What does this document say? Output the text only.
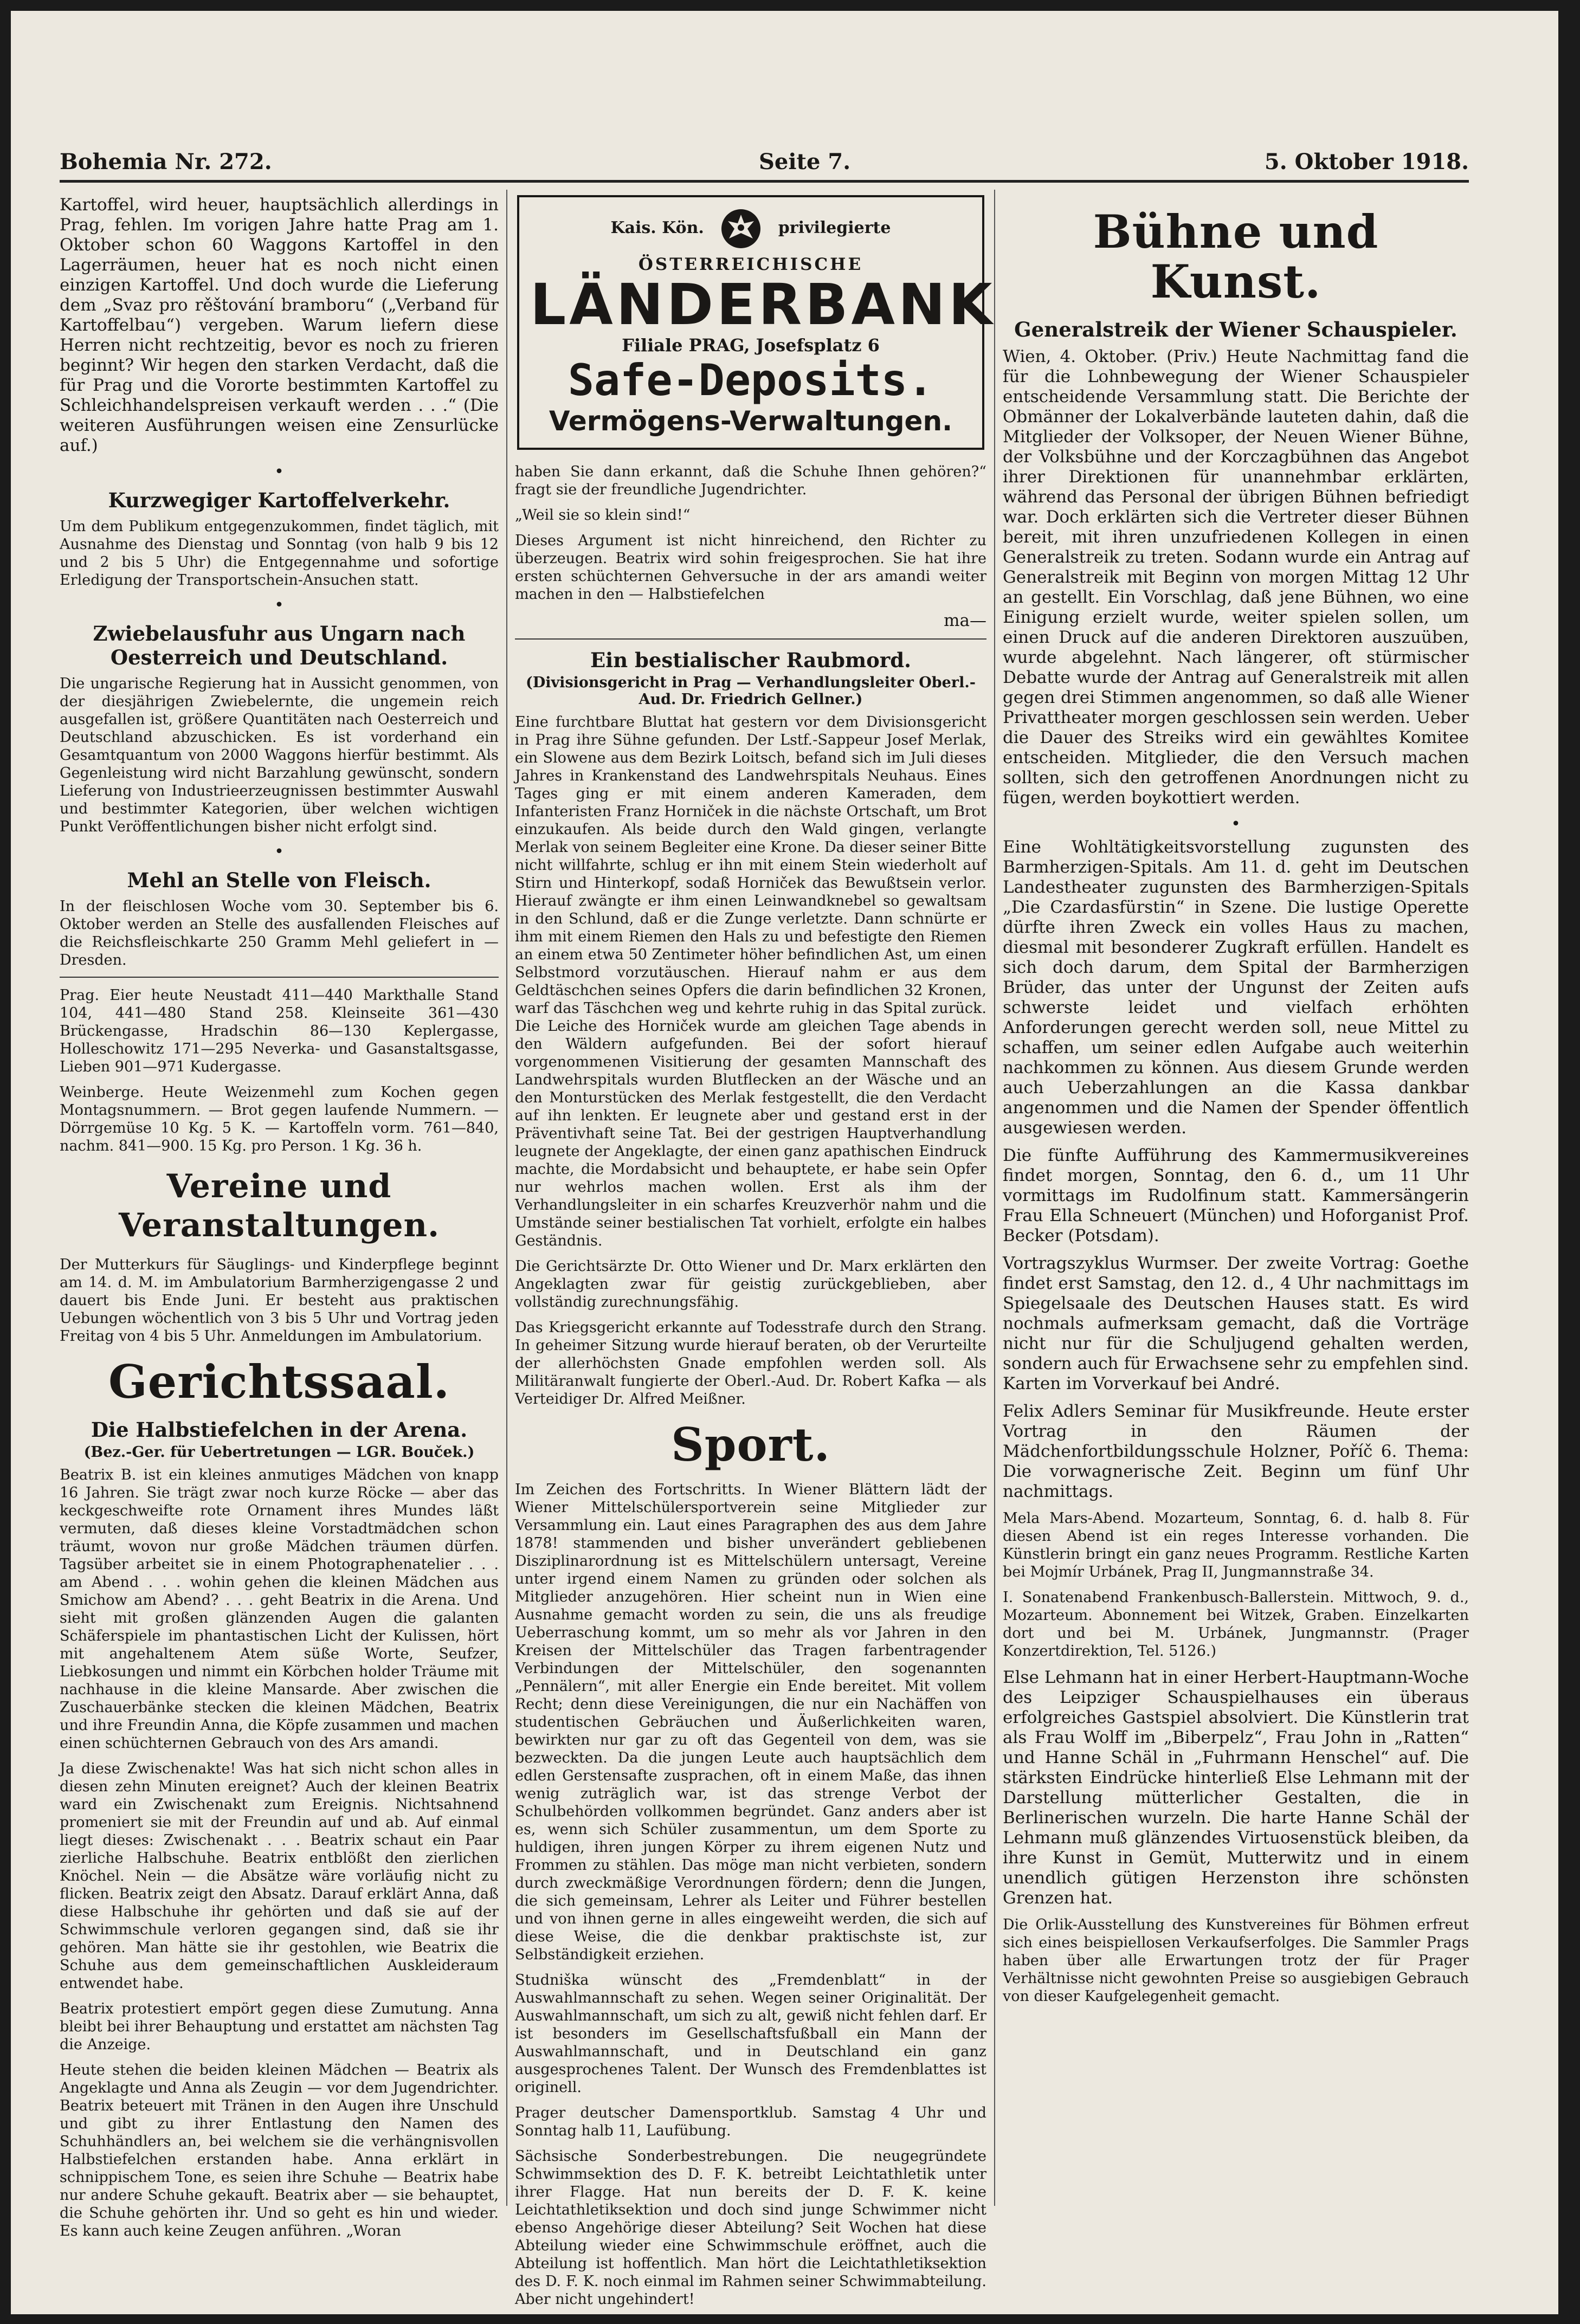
Bohemia Nr. 272.	Seite 7.	5. Oktober 1918.

Kartoffel, wird heuer, hauptsächlich allerdings in Prag, fehlen. Im vorigen Jahre hatte Prag am 1. Oktober schon 60 Waggons Kartoffel in den Lagerräumen, heuer hat es noch nicht einen einzigen Kartoffel. Und doch wurde die Lieferung dem „Svaz pro rěštování bramboru“ („Verband für Kartoffelbau“) vergeben. Warum liefern diese Herren nicht rechtzeitig, bevor es noch zu frieren beginnt? Wir hegen den starken Verdacht, daß die für Prag und die Vororte bestimmten Kartoffel zu Schleichhandelspreisen verkauft werden . . .“ (Die weiteren Ausführungen weisen eine Zensurlücke auf.)

•
Kurzwegiger Kartoffelverkehr.

Um dem Publikum entgegenzukommen, findet täglich, mit Ausnahme des Dienstag und Sonntag (von halb 9 bis 12 und 2 bis 5 Uhr) die Entgegennahme und sofortige Erledigung der Transportschein-Ansuchen statt.

•
Zwiebelausfuhr aus Ungarn nach Oesterreich und Deutschland.

Die ungarische Regierung hat in Aussicht genommen, von der diesjährigen Zwiebelernte, die ungemein reich ausgefallen ist, größere Quantitäten nach Oesterreich und Deutschland abzuschicken. Es ist vorderhand ein Gesamtquantum von 2000 Waggons hierfür bestimmt. Als Gegenleistung wird nicht Barzahlung gewünscht, sondern Lieferung von Industrieerzeugnissen bestimmter Auswahl und bestimmter Kategorien, über welchen wichtigen Punkt Veröffentlichungen bisher nicht erfolgt sind.

•
Mehl an Stelle von Fleisch.

In der fleischlosen Woche vom 30. September bis 6. Oktober werden an Stelle des ausfallenden Fleisches auf die Reichsfleischkarte 250 Gramm Mehl geliefert in — Dresden.

Prag. Eier heute Neustadt 411—440 Markthalle Stand 104, 441—480 Stand 258. Kleinseite 361—430 Brückengasse, Hradschin 86—130 Keplergasse, Holleschowitz 171—295 Neverka- und Gasanstaltsgasse, Lieben 901—971 Kudergasse.

Weinberge. Heute Weizenmehl zum Kochen gegen Montagsnummern. — Brot gegen laufende Nummern. — Dörrgemüse 10 Kg. 5 K. — Kartoffeln vorm. 761—840, nachm. 841—900. 15 Kg. pro Person. 1 Kg. 36 h.

Vereine und Veranstaltungen.

Der Mutterkurs für Säuglings- und Kinderpflege beginnt am 14. d. M. im Ambulatorium Barmherzigengasse 2 und dauert bis Ende Juni. Er besteht aus praktischen Uebungen wöchentlich von 3 bis 5 Uhr und Vortrag jeden Freitag von 4 bis 5 Uhr. Anmeldungen im Ambulatorium.

Gerichtssaal.
Die Halbstiefelchen in der Arena.
(Bez.-Ger. für Uebertretungen — LGR. Bouček.)

Beatrix B. ist ein kleines anmutiges Mädchen von knapp 16 Jahren. Sie trägt zwar noch kurze Röcke — aber das keckgeschweifte rote Ornament ihres Mundes läßt vermuten, daß dieses kleine Vorstadtmädchen schon träumt, wovon nur große Mädchen träumen dürfen. Tagsüber arbeitet sie in einem Photographenatelier . . . am Abend . . . wohin gehen die kleinen Mädchen aus Smichow am Abend? . . . geht Beatrix in die Arena. Und sieht mit großen glänzenden Augen die galanten Schäferspiele im phantastischen Licht der Kulissen, hört mit angehaltenem Atem süße Worte, Seufzer, Liebkosungen und nimmt ein Körbchen holder Träume mit nachhause in die kleine Mansarde. Aber zwischen die Zuschauerbänke stecken die kleinen Mädchen, Beatrix und ihre Freundin Anna, die Köpfe zusammen und machen einen schüchternen Gebrauch von des Ars amandi.

Ja diese Zwischenakte! Was hat sich nicht schon alles in diesen zehn Minuten ereignet? Auch der kleinen Beatrix ward ein Zwischenakt zum Ereignis. Nichtsahnend promeniert sie mit der Freundin auf und ab. Auf einmal liegt dieses: Zwischenakt . . . Beatrix schaut ein Paar zierliche Halbschuhe. Beatrix entblößt den zierlichen Knöchel. Nein — die Absätze wäre vorläufig nicht zu flicken. Beatrix zeigt den Absatz. Darauf erklärt Anna, daß diese Halbschuhe ihr gehörten und daß sie auf der Schwimmschule verloren gegangen sind, daß sie ihr gehören. Man hätte sie ihr gestohlen, wie Beatrix die Schuhe aus dem gemeinschaftlichen Auskleideraum entwendet habe.

Beatrix protestiert empört gegen diese Zumutung. Anna bleibt bei ihrer Behauptung und erstattet am nächsten Tag die Anzeige.

Heute stehen die beiden kleinen Mädchen — Beatrix als Angeklagte und Anna als Zeugin — vor dem Jugendrichter. Beatrix beteuert mit Tränen in den Augen ihre Unschuld und gibt zu ihrer Entlastung den Namen des Schuhhändlers an, bei welchem sie die verhängnisvollen Halbstiefelchen erstanden habe. Anna erklärt in schnippischem Tone, es seien ihre Schuhe — Beatrix habe nur andere Schuhe gekauft. Beatrix aber — sie behauptet, die Schuhe gehörten ihr. Und so geht es hin und wieder. Es kann auch keine Zeugen anführen. „Woran

Kais. Kön.	privilegierte
ÖSTERREICHISCHE
LÄNDERBANK
Filiale PRAG, Josefsplatz 6
Safe-Deposits.
Vermögens-Verwaltungen.

haben Sie dann erkannt, daß die Schuhe Ihnen gehören?“ fragt sie der freundliche Jugendrichter.

„Weil sie so klein sind!“

Dieses Argument ist nicht hinreichend, den Richter zu überzeugen. Beatrix wird sohin freigesprochen. Sie hat ihre ersten schüchternen Gehversuche in der ars amandi weiter machen in den — Halbstiefelchen

ma—
Ein bestialischer Raubmord.
(Divisionsgericht in Prag — Verhandlungsleiter Oberl.-Aud. Dr. Friedrich Gellner.)

Eine furchtbare Bluttat hat gestern vor dem Divisionsgericht in Prag ihre Sühne gefunden. Der Lstf.-Sappeur Josef Merlak, ein Slowene aus dem Bezirk Loitsch, befand sich im Juli dieses Jahres in Krankenstand des Landwehrspitals Neuhaus. Eines Tages ging er mit einem anderen Kameraden, dem Infanteristen Franz Horniček in die nächste Ortschaft, um Brot einzukaufen. Als beide durch den Wald gingen, verlangte Merlak von seinem Begleiter eine Krone. Da dieser seiner Bitte nicht willfahrte, schlug er ihn mit einem Stein wiederholt auf Stirn und Hinterkopf, sodaß Horniček das Bewußtsein verlor. Hierauf zwängte er ihm einen Leinwandknebel so gewaltsam in den Schlund, daß er die Zunge verletzte. Dann schnürte er ihm mit einem Riemen den Hals zu und befestigte den Riemen an einem etwa 50 Zentimeter höher befindlichen Ast, um einen Selbstmord vorzutäuschen. Hierauf nahm er aus dem Geldtäschchen seines Opfers die darin befindlichen 32 Kronen, warf das Täschchen weg und kehrte ruhig in das Spital zurück. Die Leiche des Horniček wurde am gleichen Tage abends in den Wäldern aufgefunden. Bei der sofort hierauf vorgenommenen Visitierung der gesamten Mannschaft des Landwehrspitals wurden Blutflecken an der Wäsche und an den Monturstücken des Merlak festgestellt, die den Verdacht auf ihn lenkten. Er leugnete aber und gestand erst in der Präventivhaft seine Tat. Bei der gestrigen Hauptverhandlung leugnete der Angeklagte, der einen ganz apathischen Eindruck machte, die Mordabsicht und behauptete, er habe sein Opfer nur wehrlos machen wollen. Erst als ihm der Verhandlungsleiter in ein scharfes Kreuzverhör nahm und die Umstände seiner bestialischen Tat vorhielt, erfolgte ein halbes Geständnis.

Die Gerichtsärzte Dr. Otto Wiener und Dr. Marx erklärten den Angeklagten zwar für geistig zurückgeblieben, aber vollständig zurechnungsfähig.

Das Kriegsgericht erkannte auf Todesstrafe durch den Strang. In geheimer Sitzung wurde hierauf beraten, ob der Verurteilte der allerhöchsten Gnade empfohlen werden soll. Als Militäranwalt fungierte der Oberl.-Aud. Dr. Robert Kafka — als Verteidiger Dr. Alfred Meißner.

Sport.

Im Zeichen des Fortschritts. In Wiener Blättern lädt der Wiener Mittelschülersportverein seine Mitglieder zur Versammlung ein. Laut eines Paragraphen des aus dem Jahre 1878! stammenden und bisher unverändert gebliebenen Disziplinarordnung ist es Mittelschülern untersagt, Vereine unter irgend einem Namen zu gründen oder solchen als Mitglieder anzugehören. Hier scheint nun in Wien eine Ausnahme gemacht worden zu sein, die uns als freudige Ueberraschung kommt, um so mehr als vor Jahren in den Kreisen der Mittelschüler das Tragen farbentragender Verbindungen der Mittelschüler, den sogenannten „Pennälern“, mit aller Energie ein Ende bereitet. Mit vollem Recht; denn diese Vereinigungen, die nur ein Nachäffen von studentischen Gebräuchen und Äußerlichkeiten waren, bewirkten nur gar zu oft das Gegenteil von dem, was sie bezweckten. Da die jungen Leute auch hauptsächlich dem edlen Gerstensafte zusprachen, oft in einem Maße, das ihnen wenig zuträglich war, ist das strenge Verbot der Schulbehörden vollkommen begründet. Ganz anders aber ist es, wenn sich Schüler zusammentun, um dem Sporte zu huldigen, ihren jungen Körper zu ihrem eigenen Nutz und Frommen zu stählen. Das möge man nicht verbieten, sondern durch zweckmäßige Verordnungen fördern; denn die Jungen, die sich gemeinsam, Lehrer als Leiter und Führer bestellen und von ihnen gerne in alles eingeweiht werden, die sich auf diese Weise, die die denkbar praktischste ist, zur Selbständigkeit erziehen.

Studniška wünscht des „Fremdenblatt“ in der Auswahlmannschaft zu sehen. Wegen seiner Originalität. Der Auswahlmannschaft, um sich zu alt, gewiß nicht fehlen darf. Er ist besonders im Gesellschaftsfußball ein Mann der Auswahlmannschaft, und in Deutschland ein ganz ausgesprochenes Talent. Der Wunsch des Fremdenblattes ist originell.

Prager deutscher Damensportklub. Samstag 4 Uhr und Sonntag halb 11, Laufübung.

Sächsische Sonderbestrebungen. Die neugegründete Schwimmsektion des D. F. K. betreibt Leichtathletik unter ihrer Flagge. Hat nun bereits der D. F. K. keine Leichtathletiksektion und doch sind junge Schwimmer nicht ebenso Angehörige dieser Abteilung? Seit Wochen hat diese Abteilung wieder eine Schwimmschule eröffnet, auch die Abteilung ist hoffentlich. Man hört die Leichtathletiksektion des D. F. K. noch einmal im Rahmen seiner Schwimmabteilung. Aber nicht ungehindert!

Bühne und Kunst.
Generalstreik der Wiener Schauspieler.

Wien, 4. Oktober. (Priv.) Heute Nachmittag fand die für die Lohnbewegung der Wiener Schauspieler entscheidende Versammlung statt. Die Berichte der Obmänner der Lokalverbände lauteten dahin, daß die Mitglieder der Volksoper, der Neuen Wiener Bühne, der Volksbühne und der Korczagbühnen das Angebot ihrer Direktionen für unannehmbar erklärten, während das Personal der übrigen Bühnen befriedigt war. Doch erklärten sich die Vertreter dieser Bühnen bereit, mit ihren unzufriedenen Kollegen in einen Generalstreik zu treten. Sodann wurde ein Antrag auf Generalstreik mit Beginn von morgen Mittag 12 Uhr an gestellt. Ein Vorschlag, daß jene Bühnen, wo eine Einigung erzielt wurde, weiter spielen sollen, um einen Druck auf die anderen Direktoren auszuüben, wurde abgelehnt. Nach längerer, oft stürmischer Debatte wurde der Antrag auf Generalstreik mit allen gegen drei Stimmen angenommen, so daß alle Wiener Privattheater morgen geschlossen sein werden. Ueber die Dauer des Streiks wird ein gewähltes Komitee entscheiden. Mitglieder, die den Versuch machen sollten, sich den getroffenen Anordnungen nicht zu fügen, werden boykottiert werden.

•

Eine Wohltätigkeitsvorstellung zugunsten des Barmherzigen-Spitals. Am 11. d. geht im Deutschen Landestheater zugunsten des Barmherzigen-Spitals „Die Czardasfürstin“ in Szene. Die lustige Operette dürfte ihren Zweck ein volles Haus zu machen, diesmal mit besonderer Zugkraft erfüllen. Handelt es sich doch darum, dem Spital der Barmherzigen Brüder, das unter der Ungunst der Zeiten aufs schwerste leidet und vielfach erhöhten Anforderungen gerecht werden soll, neue Mittel zu schaffen, um seiner edlen Aufgabe auch weiterhin nachkommen zu können. Aus diesem Grunde werden auch Ueberzahlungen an die Kassa dankbar angenommen und die Namen der Spender öffentlich ausgewiesen werden.

Die fünfte Aufführung des Kammermusikvereines findet morgen, Sonntag, den 6. d., um 11 Uhr vormittags im Rudolfinum statt. Kammersängerin Frau Ella Schneuert (München) und Hoforganist Prof. Becker (Potsdam).

Vortragszyklus Wurmser. Der zweite Vortrag: Goethe findet erst Samstag, den 12. d., 4 Uhr nachmittags im Spiegelsaale des Deutschen Hauses statt. Es wird nochmals aufmerksam gemacht, daß die Vorträge nicht nur für die Schuljugend gehalten werden, sondern auch für Erwachsene sehr zu empfehlen sind. Karten im Vorverkauf bei André.

Felix Adlers Seminar für Musikfreunde. Heute erster Vortrag in den Räumen der Mädchenfortbildungsschule Holzner, Poříč 6. Thema: Die vorwagnerische Zeit. Beginn um fünf Uhr nachmittags.

Mela Mars-Abend. Mozarteum, Sonntag, 6. d. halb 8. Für diesen Abend ist ein reges Interesse vorhanden. Die Künstlerin bringt ein ganz neues Programm. Restliche Karten bei Mojmír Urbánek, Prag II, Jungmannstraße 34.

I. Sonatenabend Frankenbusch-Ballerstein. Mittwoch, 9. d., Mozarteum. Abonnement bei Witzek, Graben. Einzelkarten dort und bei M. Urbánek, Jungmannstr. (Prager Konzertdirektion, Tel. 5126.)

Else Lehmann hat in einer Herbert-Hauptmann-Woche des Leipziger Schauspielhauses ein überaus erfolgreiches Gastspiel absolviert. Die Künstlerin trat als Frau Wolff im „Biberpelz“, Frau John in „Ratten“ und Hanne Schäl in „Fuhrmann Henschel“ auf. Die stärksten Eindrücke hinterließ Else Lehmann mit der Darstellung mütterlicher Gestalten, die in Berlinerischen wurzeln. Die harte Hanne Schäl der Lehmann muß glänzendes Virtuosenstück bleiben, da ihre Kunst in Gemüt, Mutterwitz und in einem unendlich gütigen Herzenston ihre schönsten Grenzen hat.

Die Orlik-Ausstellung des Kunstvereines für Böhmen erfreut sich eines beispiellosen Verkaufserfolges. Die Sammler Prags haben über alle Erwartungen trotz der für Prager Verhältnisse nicht gewohnten Preise so ausgiebigen Gebrauch von dieser Kaufgelegenheit gemacht.
